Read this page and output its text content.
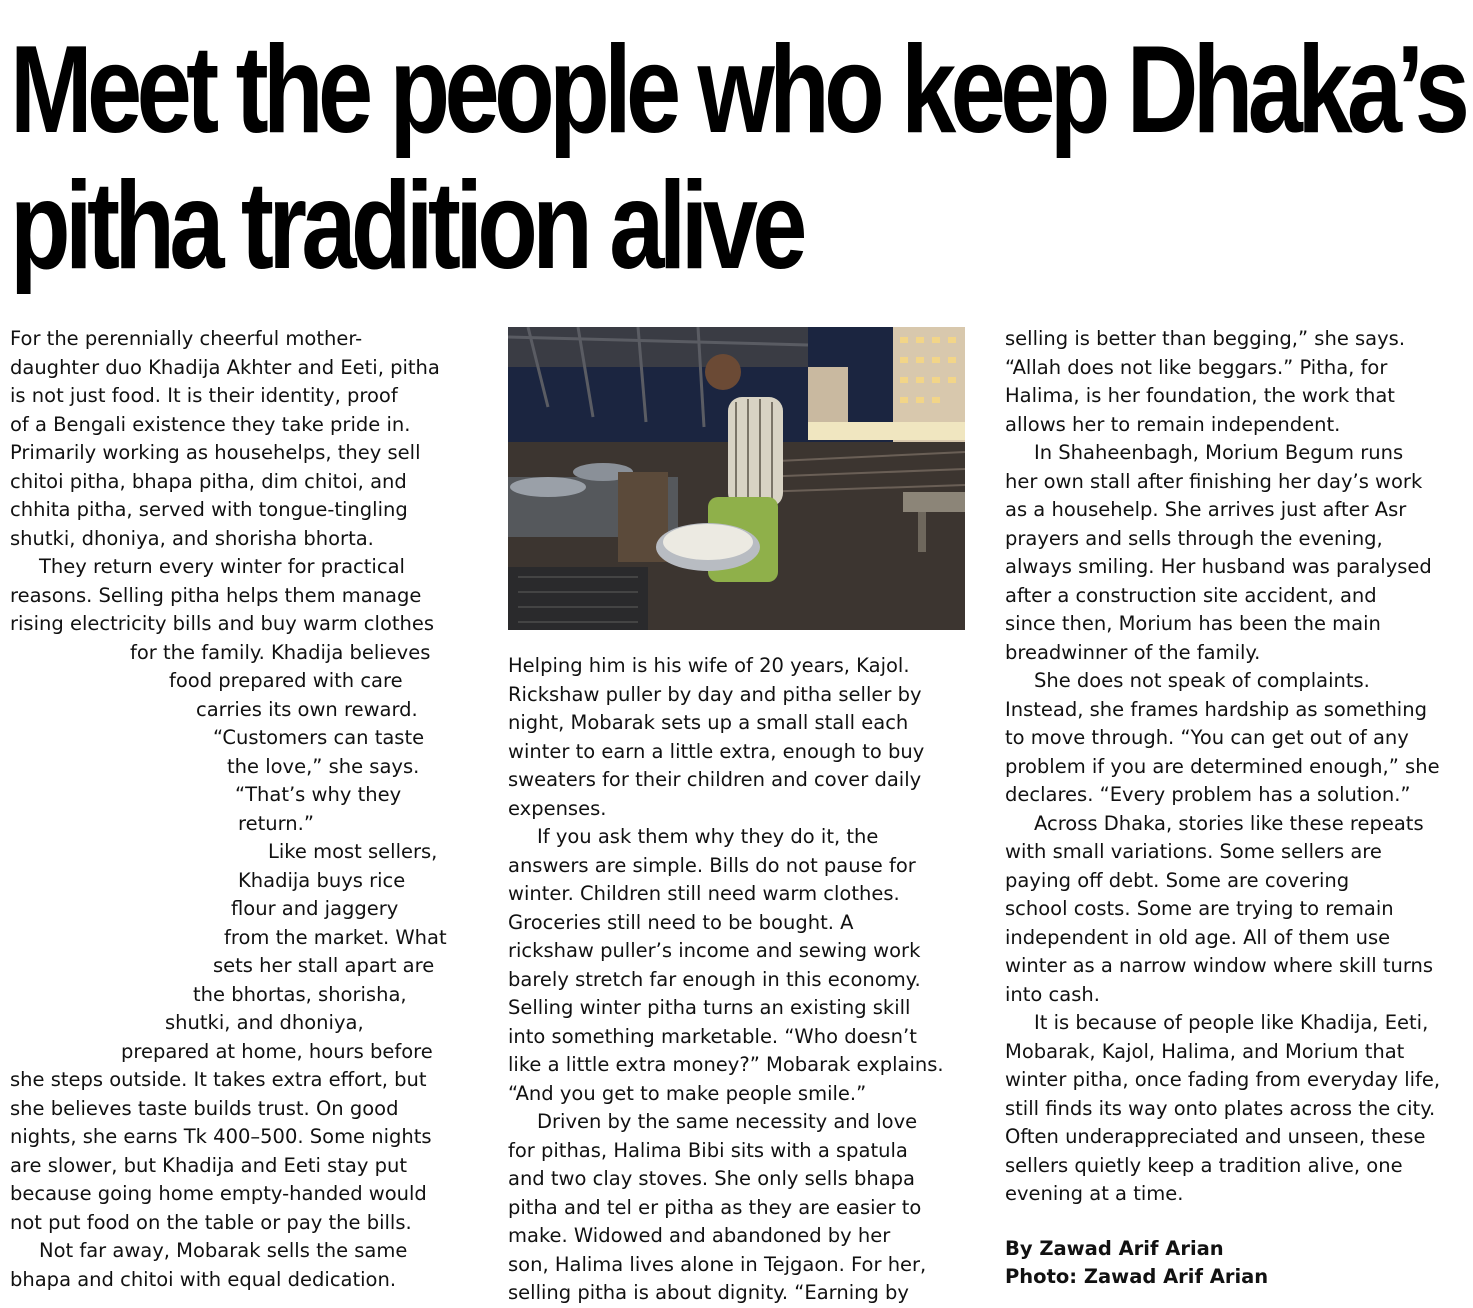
Meet the people who keep Dhaka’s
pitha tradition alive

For the perennially cheerful mother-
daughter duo Khadija Akhter and Eeti, pitha
is not just food. It is their identity, proof
of a Bengali existence they take pride in.
Primarily working as househelps, they sell
chitoi pitha, bhapa pitha, dim chitoi, and
chhita pitha, served with tongue-tingling
shutki, dhoniya, and shorisha bhorta.

They return every winter for practical
reasons. Selling pitha helps them manage
rising electricity bills and buy warm clothes
for the family. Khadija believes
food prepared with care
carries its own reward.
“Customers can taste
the love,” she says.
“That’s why they
return.”

Like most sellers,
Khadija buys rice
flour and jaggery
from the market. What
sets her stall apart are
the bhortas, shorisha,
shutki, and dhoniya,
prepared at home, hours before
she steps outside. It takes extra effort, but
she believes taste builds trust. On good
nights, she earns Tk 400–500. Some nights
are slower, but Khadija and Eeti stay put
because going home empty-handed would
not put food on the table or pay the bills.

Not far away, Mobarak sells the same
bhapa and chitoi with equal dedication.

Helping him is his wife of 20 years, Kajol.
Rickshaw puller by day and pitha seller by
night, Mobarak sets up a small stall each
winter to earn a little extra, enough to buy
sweaters for their children and cover daily
expenses.

If you ask them why they do it, the
answers are simple. Bills do not pause for
winter. Children still need warm clothes.
Groceries still need to be bought. A
rickshaw puller’s income and sewing work
barely stretch far enough in this economy.
Selling winter pitha turns an existing skill
into something marketable. “Who doesn’t
like a little extra money?” Mobarak explains.
“And you get to make people smile.”

Driven by the same necessity and love
for pithas, Halima Bibi sits with a spatula
and two clay stoves. She only sells bhapa
pitha and tel er pitha as they are easier to
make. Widowed and abandoned by her
son, Halima lives alone in Tejgaon. For her,
selling pitha is about dignity. “Earning by

selling is better than begging,” she says.
“Allah does not like beggars.” Pitha, for
Halima, is her foundation, the work that
allows her to remain independent.

In Shaheenbagh, Morium Begum runs
her own stall after finishing her day’s work
as a househelp. She arrives just after Asr
prayers and sells through the evening,
always smiling. Her husband was paralysed
after a construction site accident, and
since then, Morium has been the main
breadwinner of the family.

She does not speak of complaints.
Instead, she frames hardship as something
to move through. “You can get out of any
problem if you are determined enough,” she
declares. “Every problem has a solution.”

Across Dhaka, stories like these repeats
with small variations. Some sellers are
paying off debt. Some are covering
school costs. Some are trying to remain
independent in old age. All of them use
winter as a narrow window where skill turns
into cash.

It is because of people like Khadija, Eeti,
Mobarak, Kajol, Halima, and Morium that
winter pitha, once fading from everyday life,
still finds its way onto plates across the city.
Often underappreciated and unseen, these
sellers quietly keep a tradition alive, one
evening at a time.

By Zawad Arif Arian
Photo: Zawad Arif Arian
